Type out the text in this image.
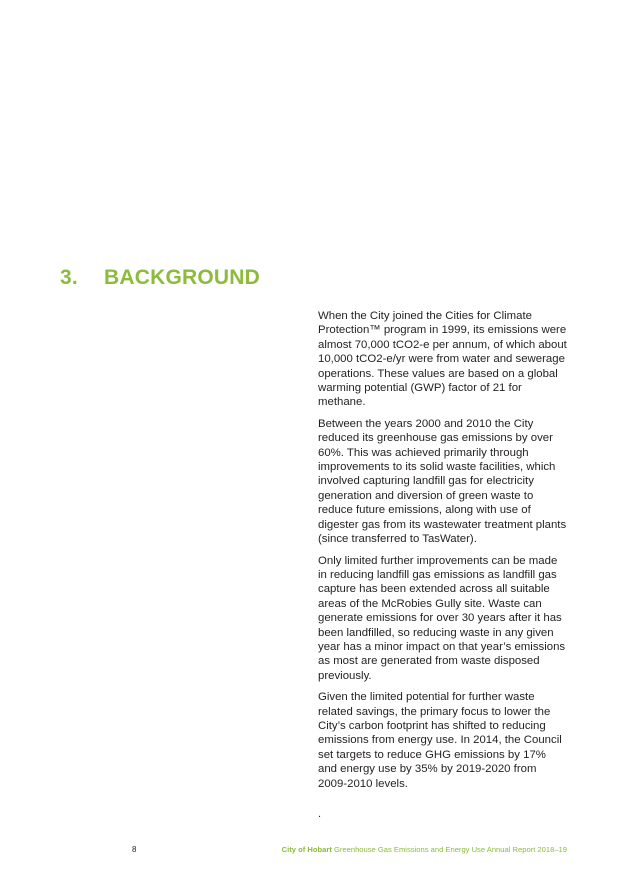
3.	BACKGROUND

When the City joined the Cities for Climate Protection™ program in 1999, its emissions were almost 70,000 tCO2-e per annum, of which about 10,000 tCO2-e/yr were from water and sewerage operations. These values are based on a global warming potential (GWP) factor of 21 for methane.

Between the years 2000 and 2010 the City reduced its greenhouse gas emissions by over 60%. This was achieved primarily through improvements to its solid waste facilities, which involved capturing landfill gas for electricity generation and diversion of green waste to reduce future emissions, along with use of digester gas from its wastewater treatment plants (since transferred to TasWater).

Only limited further improvements can be made in reducing landfill gas emissions as landfill gas capture has been extended across all suitable areas of the McRobies Gully site. Waste can generate emissions for over 30 years after it has been landfilled, so reducing waste in any given year has a minor impact on that year’s emissions as most are generated from waste disposed previously.

Given the limited potential for further waste related savings, the primary focus to lower the City’s carbon footprint has shifted to reducing emissions from energy use. In 2014, the Council set targets to reduce GHG emissions by 17% and energy use by 35% by 2019-2020 from 2009-2010 levels.

.
8	City of Hobart Greenhouse Gas Emissions and Energy Use Annual Report 2018–19
